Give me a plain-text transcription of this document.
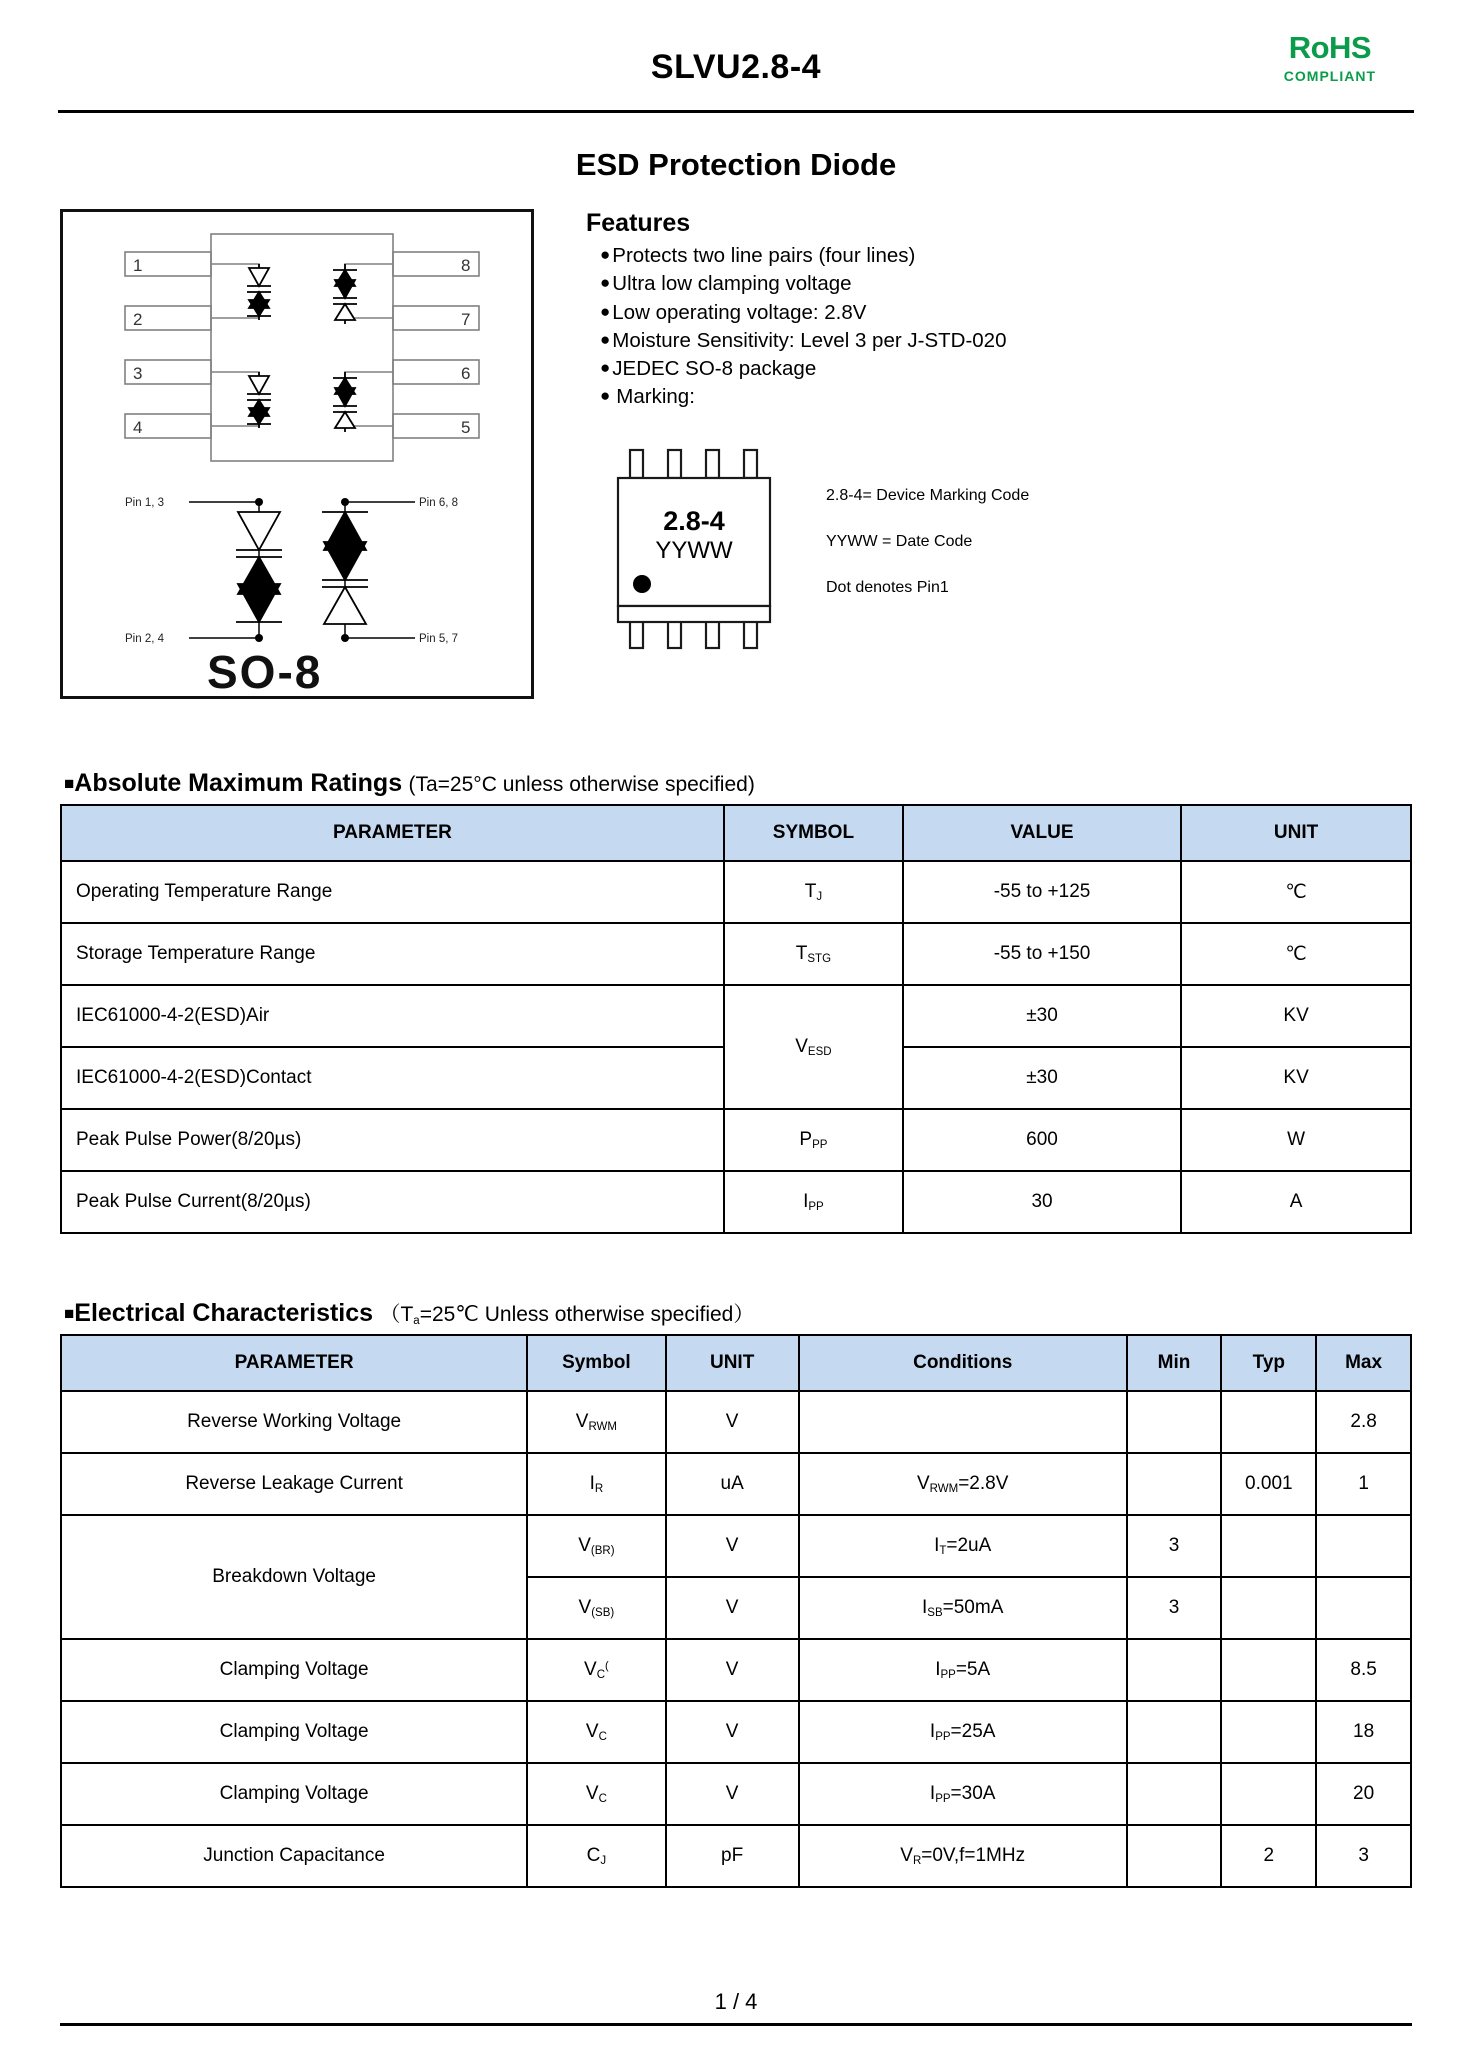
SLVU2.8-4
RoHS
COMPLIANT
ESD Protection Diode
1
2
3
4
8
7
6
5
Pin 1, 3	Pin 6, 8
Pin 2, 4	Pin 5, 7
SO-8
Features
●Protects two line pairs (four lines)
●Ultra low clamping voltage
●Low operating voltage: 2.8V
●Moisture Sensitivity: Level 3 per J-STD-020
●JEDEC SO-8 package
● Marking:
2.8-4
YYWW
2.8-4= Device Marking Code
YYWW = Date Code
Dot denotes Pin1
■Absolute Maximum Ratings (Ta=25°C unless otherwise specified)
PARAMETER	SYMBOL	VALUE	UNIT
Operating Temperature Range	$T_J$	-55 to +125	℃
Storage Temperature Range	$T_{STG}$	-55 to +150	℃
IEC61000-4-2(ESD)Air	$V_{ESD}$	±30	KV
IEC61000-4-2(ESD)Contact		±30	KV
Peak Pulse Power(8/20µs)	$P_{PP}$	600	W
Peak Pulse Current(8/20µs)	$I_{PP}$	30	A
■Electrical Characteristics （$T_a=25℃$ Unless otherwise specified）
PARAMETER	Symbol	UNIT	Conditions	Min	Typ	Max
Reverse Working Voltage	$V_{RWM}$	V				2.8
Reverse Leakage Current	$I_R$	uA	$V_{RWM}=2.8V$		0.001	1
Breakdown Voltage	$V_{(BR)}$	V	$I_T=2uA$	3		
	$V_{(SB)}$	V	$I_{SB}=50mA$	3		
Clamping Voltage	$V_C^($	V	$I_{PP}=5A$			8.5
Clamping Voltage	$V_C$	V	$I_{PP}=25A$			18
Clamping Voltage	$V_C$	V	$I_{PP}=30A$			20
Junction Capacitance	$C_J$	pF	$V_R=0V,f=1MHz$		2	3
1 / 4
